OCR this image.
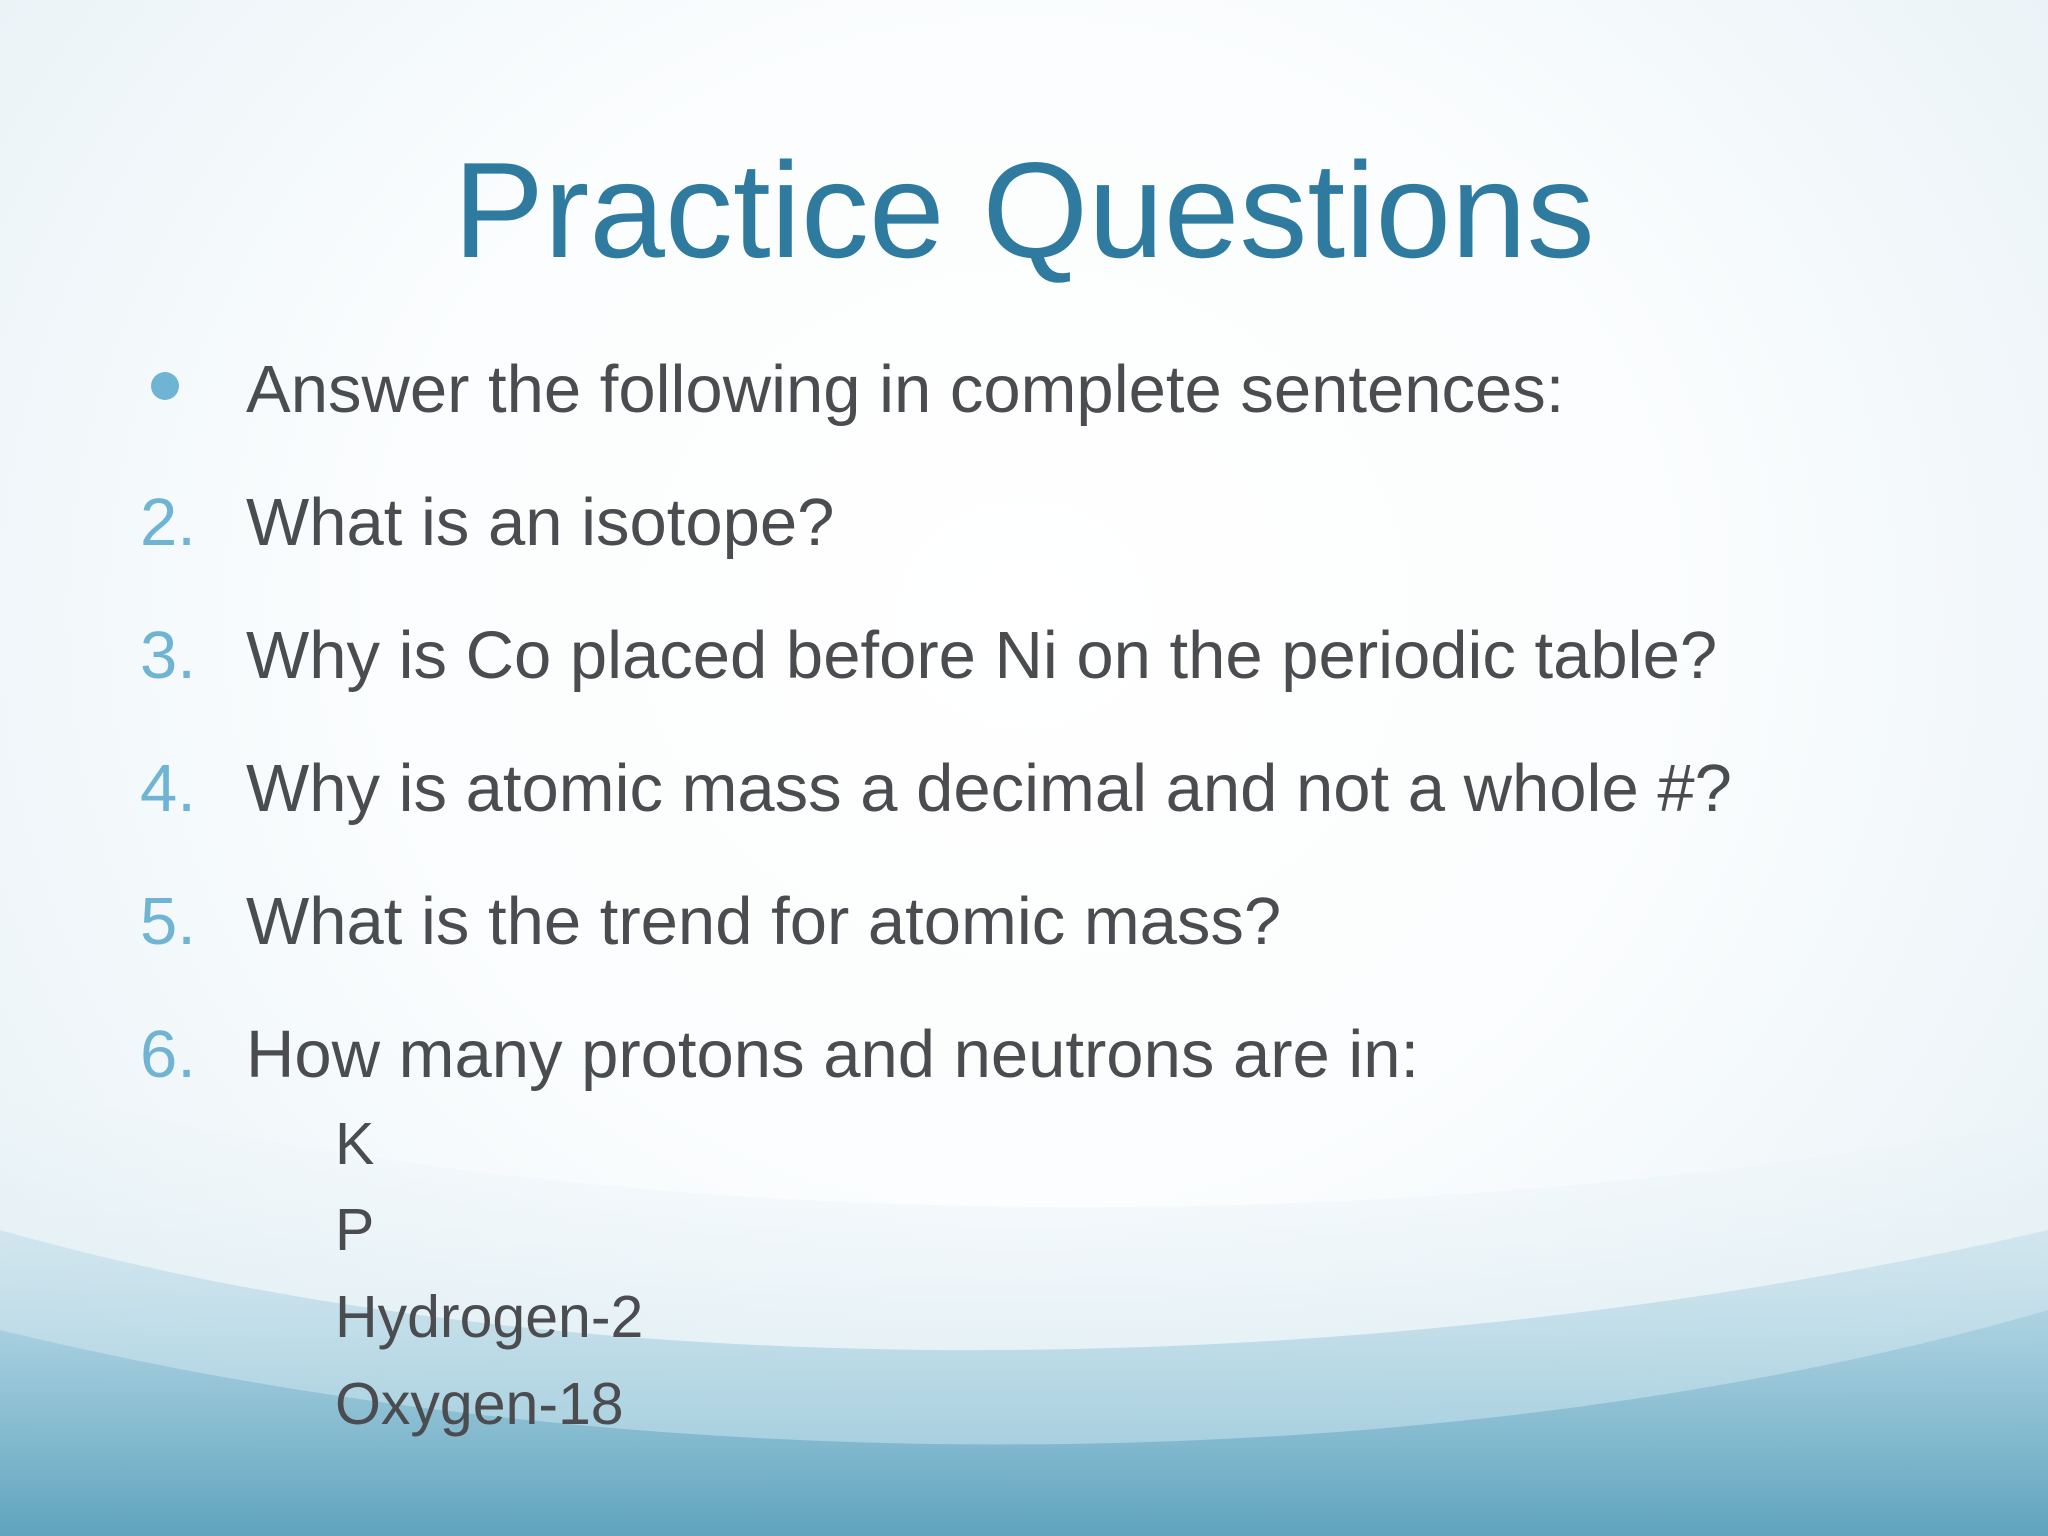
Practice Questions
Answer the following in complete sentences:
2. What is an isotope?
3. Why is Co placed before Ni on the periodic table?
4. Why is atomic mass a decimal and not a whole #?
5. What is the trend for atomic mass?
6. How many protons and neutrons are in:
K
P
Hydrogen-2
Oxygen-18
